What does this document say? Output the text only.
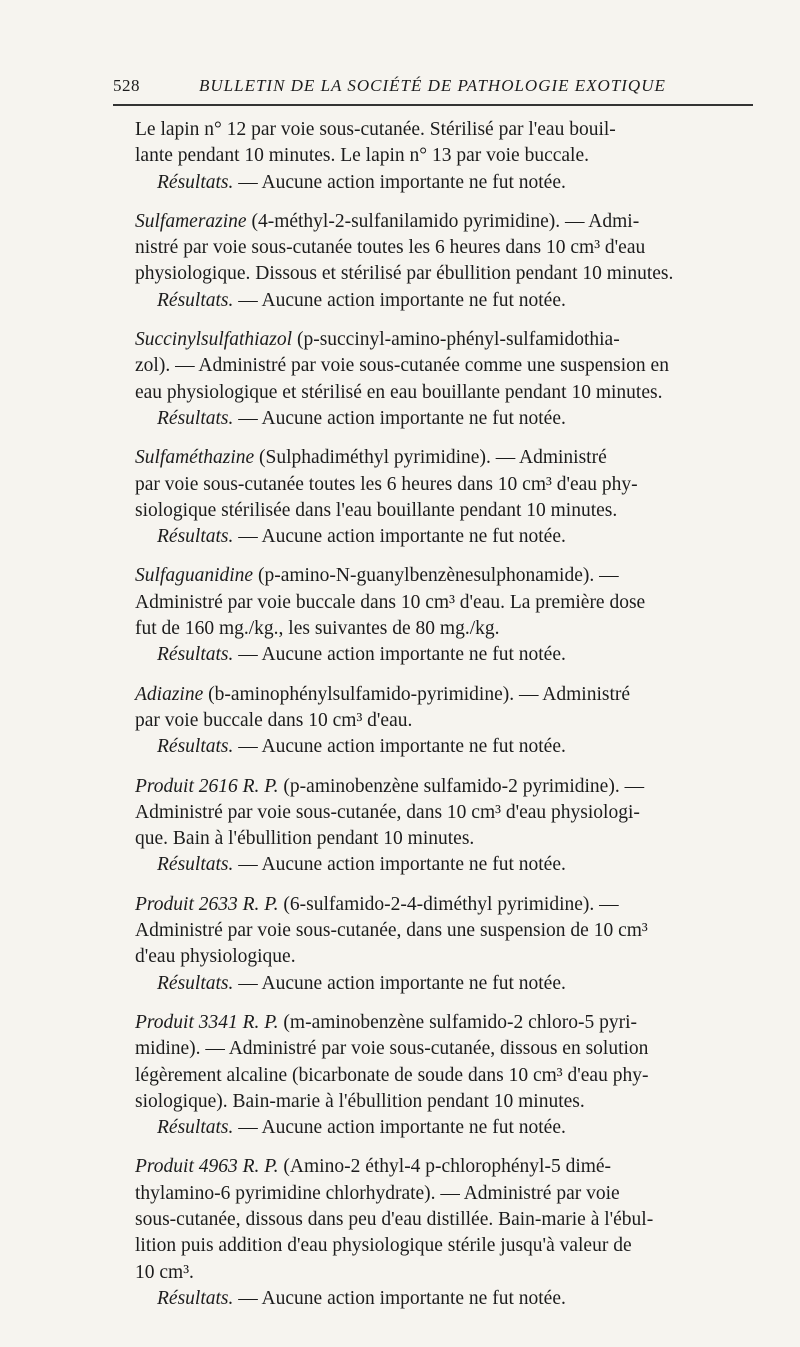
528	BULLETIN DE LA SOCIÉTÉ DE PATHOLOGIE EXOTIQUE

Le lapin n° 12 par voie sous-cutanée. Stérilisé par l'eau bouil-
lante pendant 10 minutes. Le lapin n° 13 par voie buccale.
Résultats. — Aucune action importante ne fut notée.

Sulfamerazine (4-méthyl-2-sulfanilamido pyrimidine). — Admi-
nistré par voie sous-cutanée toutes les 6 heures dans 10 cm³ d'eau
physiologique. Dissous et stérilisé par ébullition pendant 10 minutes.
Résultats. — Aucune action importante ne fut notée.

Succinylsulfathiazol (p-succinyl-amino-phényl-sulfamidothia-
zol). — Administré par voie sous-cutanée comme une suspension en
eau physiologique et stérilisé en eau bouillante pendant 10 minutes.
Résultats. — Aucune action importante ne fut notée.

Sulfaméthazine (Sulphadiméthyl pyrimidine). — Administré
par voie sous-cutanée toutes les 6 heures dans 10 cm³ d'eau phy-
siologique stérilisée dans l'eau bouillante pendant 10 minutes.
Résultats. — Aucune action importante ne fut notée.

Sulfaguanidine (p-amino-N-guanylbenzènesulphonamide). —
Administré par voie buccale dans 10 cm³ d'eau. La première dose
fut de 160 mg./kg., les suivantes de 80 mg./kg.
Résultats. — Aucune action importante ne fut notée.

Adiazine (b-aminophénylsulfamido-pyrimidine). — Administré
par voie buccale dans 10 cm³ d'eau.
Résultats. — Aucune action importante ne fut notée.

Produit 2616 R. P. (p-aminobenzène sulfamido-2 pyrimidine). —
Administré par voie sous-cutanée, dans 10 cm³ d'eau physiologi-
que. Bain à l'ébullition pendant 10 minutes.
Résultats. — Aucune action importante ne fut notée.

Produit 2633 R. P. (6-sulfamido-2-4-diméthyl pyrimidine). —
Administré par voie sous-cutanée, dans une suspension de 10 cm³
d'eau physiologique.
Résultats. — Aucune action importante ne fut notée.

Produit 3341 R. P. (m-aminobenzène sulfamido-2 chloro-5 pyri-
midine). — Administré par voie sous-cutanée, dissous en solution
légèrement alcaline (bicarbonate de soude dans 10 cm³ d'eau phy-
siologique). Bain-marie à l'ébullition pendant 10 minutes.
Résultats. — Aucune action importante ne fut notée.

Produit 4963 R. P. (Amino-2 éthyl-4 p-chlorophényl-5 dimé-
thylamino-6 pyrimidine chlorhydrate). — Administré par voie
sous-cutanée, dissous dans peu d'eau distillée. Bain-marie à l'ébul-
lition puis addition d'eau physiologique stérile jusqu'à valeur de
10 cm³.
Résultats. — Aucune action importante ne fut notée.
